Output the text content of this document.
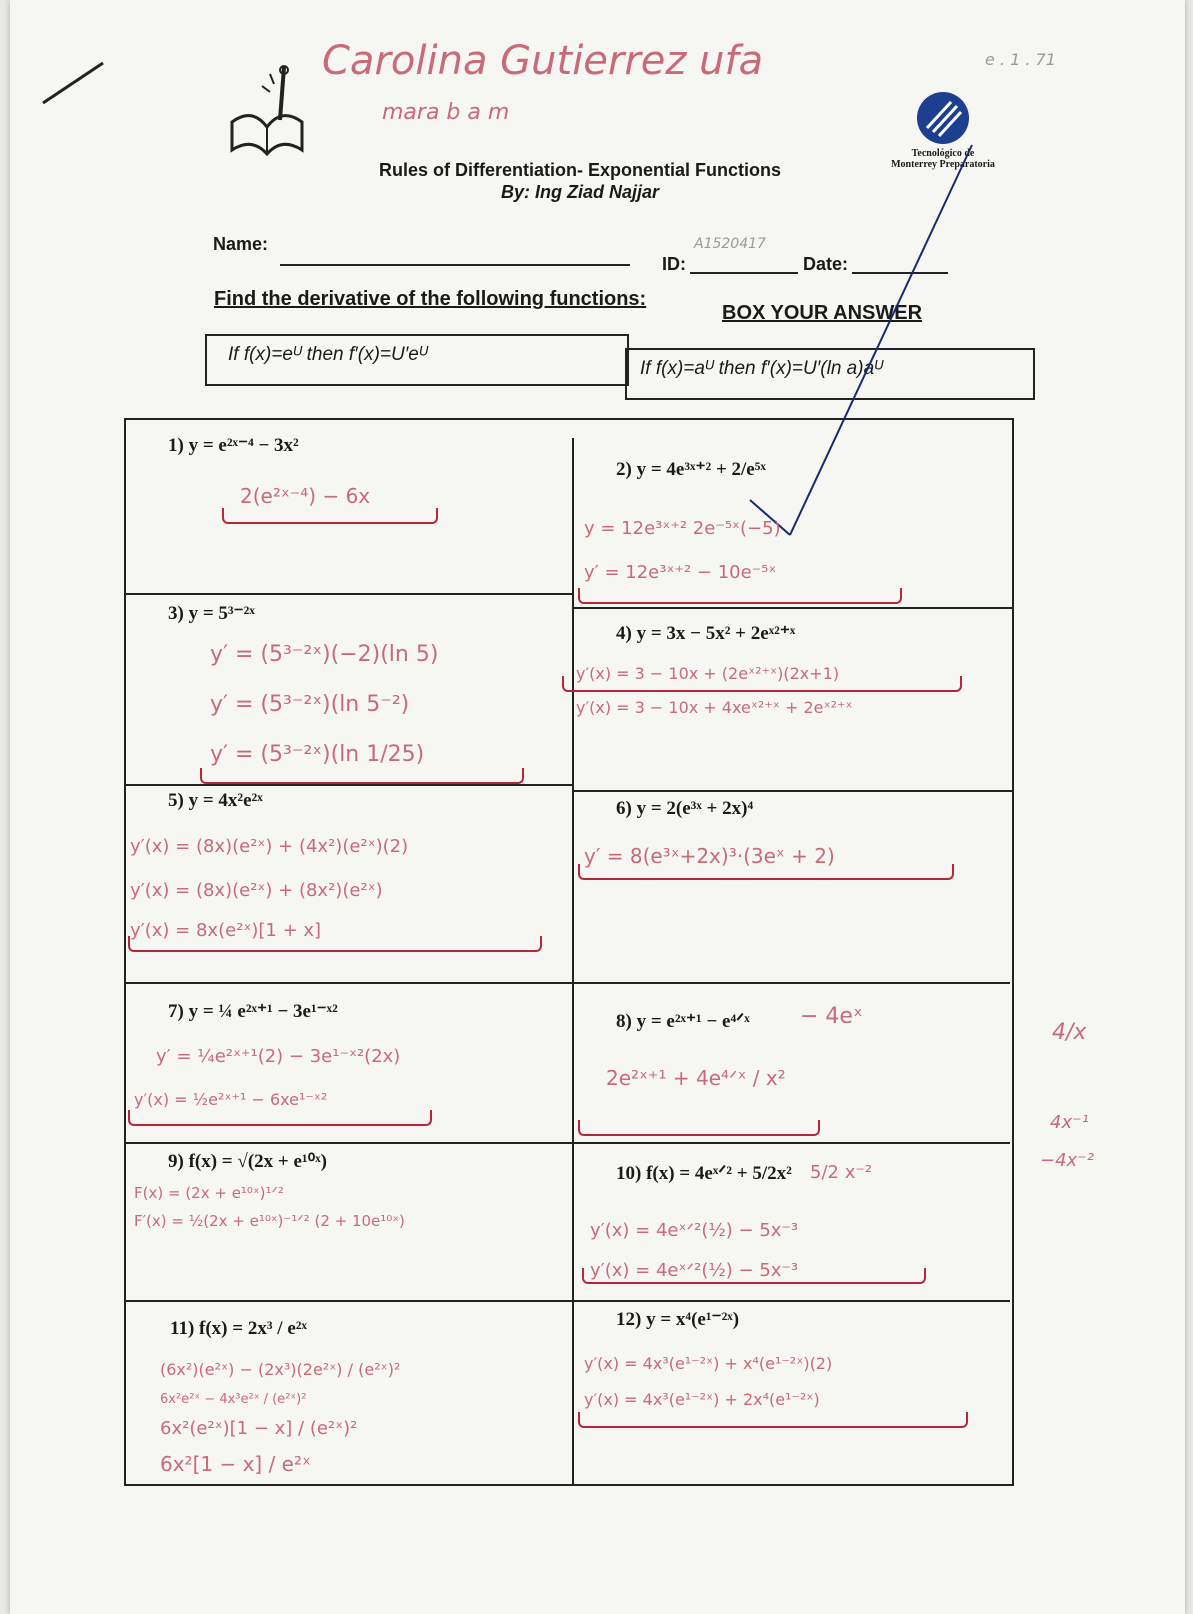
e . 1 . 71
Carolina Gutierrez ufa
mara b a m
Tecnológico de Monterrey Preparatoria
Rules of Differentiation- Exponential Functions
By: Ing Ziad Najjar
Name:
ID:
A1520417
Date:
Find the derivative of the following functions:
BOX YOUR ANSWER
If f(x)=eᵁ then f′(x)=U′eᵁ
If f(x)=aᵁ then f′(x)=U′(ln a)aᵁ
1) y = e²ˣ⁻⁴ − 3x²
2(e²ˣ⁻⁴) − 6x
2) y = 4e³ˣ⁺² + 2/e⁵ˣ
y = 12e³ˣ⁺² 2e⁻⁵ˣ(−5)
y′ = 12e³ˣ⁺² − 10e⁻⁵ˣ
3) y = 5³⁻²ˣ
y′ = (5³⁻²ˣ)(−2)(ln 5)
y′ = (5³⁻²ˣ)(ln 5⁻²)
y′ = (5³⁻²ˣ)(ln 1/25)
4) y = 3x − 5x² + 2eˣ²⁺ˣ
y′(x) = 3 − 10x + (2eˣ²⁺ˣ)(2x+1)
y′(x) = 3 − 10x + 4xeˣ²⁺ˣ + 2eˣ²⁺ˣ
5) y = 4x²e²ˣ
y′(x) = (8x)(e²ˣ) + (4x²)(e²ˣ)(2)
y′(x) = (8x)(e²ˣ) + (8x²)(e²ˣ)
y′(x) = 8x(e²ˣ)[1 + x]
6) y = 2(e³ˣ + 2x)⁴
y′ = 8(e³ˣ+2x)³·(3eˣ + 2)
7) y = ¼ e²ˣ⁺¹ − 3e¹⁻ˣ²
y′ = ¼e²ˣ⁺¹(2) − 3e¹⁻ˣ²(2x)
y′(x) = ½e²ˣ⁺¹ − 6xe¹⁻ˣ²
8) y = e²ˣ⁺¹ − e⁴ᐟˣ − 4eˣ
2e²ˣ⁺¹ + 4e⁴ᐟˣ / x²
9) f(x) = √(2x + e¹⁰ˣ)
F(x) = (2x + e¹⁰ˣ)¹ᐟ²
F′(x) = ½(2x + e¹⁰ˣ)⁻¹ᐟ² (2 + 10e¹⁰ˣ)
10) f(x) = 4eˣᐟ² + 5/2x² 5/2 x⁻²
y′(x) = 4eˣᐟ²(½) − 5x⁻³
y′(x) = 4eˣᐟ²(½) − 5x⁻³
11) f(x) = 2x³ / e²ˣ
(6x²)(e²ˣ) − (2x³)(2e²ˣ) / (e²ˣ)²
6x²e²ˣ − 4x³e²ˣ / (e²ˣ)²
6x²(e²ˣ)[1 − x] / (e²ˣ)²
6x²[1 − x] / e²ˣ
12) y = x⁴(e¹⁻²ˣ)
y′(x) = 4x³(e¹⁻²ˣ) + x⁴(e¹⁻²ˣ)(2)
y′(x) = 4x³(e¹⁻²ˣ) + 2x⁴(e¹⁻²ˣ)
4/x
4x⁻¹
−4x⁻²
